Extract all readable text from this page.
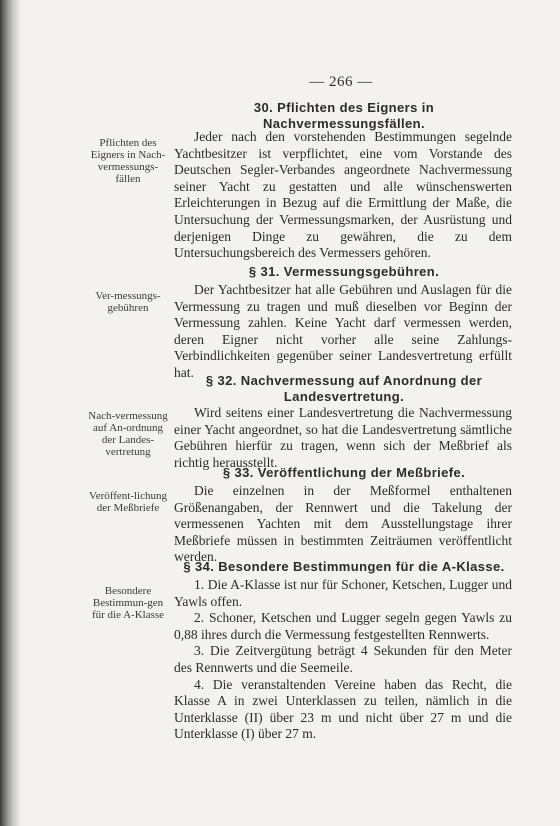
— 266 —
30. Pflichten des Eigners in Nachvermessungsfällen.
Pflichten des Eigners in Nach-vermessungs-fällen

Jeder nach den vorstehenden Bestimmungen segelnde Yachtbesitzer ist verpflichtet, eine vom Vorstande des Deutschen Segler-Verbandes angeordnete Nachvermessung seiner Yacht zu gestatten und alle wünschenswerten Erleichterungen in Bezug auf die Ermittlung der Maße, die Untersuchung der Vermessungsmarken, der Ausrüstung und derjenigen Dinge zu gewähren, die zu dem Untersuchungsbereich des Vermessers gehören.

§ 31. Vermessungsgebühren.
Ver-messungs-gebühren

Der Yachtbesitzer hat alle Gebühren und Auslagen für die Vermessung zu tragen und muß dieselben vor Beginn der Vermessung zahlen. Keine Yacht darf vermessen werden, deren Eigner nicht vorher alle seine Zahlungs-Verbindlichkeiten gegenüber seiner Landesvertretung erfüllt hat.

§ 32. Nachvermessung auf Anordnung der Landesvertretung.
Nach-vermessung auf An-ordnung der Landes-vertretung

Wird seitens einer Landesvertretung die Nachvermessung einer Yacht angeordnet, so hat die Landesvertretung sämtliche Gebühren hierfür zu tragen, wenn sich der Meßbrief als richtig herausstellt.

§ 33. Veröffentlichung der Meßbriefe.
Veröffent-lichung der Meßbriefe

Die einzelnen in der Meßformel enthaltenen Größenangaben, der Rennwert und die Takelung der vermessenen Yachten mit dem Ausstellungstage ihrer Meßbriefe müssen in bestimmten Zeiträumen veröffentlicht werden.

§ 34. Besondere Bestimmungen für die A-Klasse.
Besondere Bestimmun-gen für die A-Klasse

1. Die A-Klasse ist nur für Schoner, Ketschen, Lugger und Yawls offen.

2. Schoner, Ketschen und Lugger segeln gegen Yawls zu 0,88 ihres durch die Vermessung festgestellten Rennwerts.

3. Die Zeitvergütung beträgt 4 Sekunden für den Meter des Rennwerts und die Seemeile.

4. Die veranstaltenden Vereine haben das Recht, die Klasse A in zwei Unterklassen zu teilen, nämlich in die Unterklasse (II) über 23 m und nicht über 27 m und die Unterklasse (I) über 27 m.
